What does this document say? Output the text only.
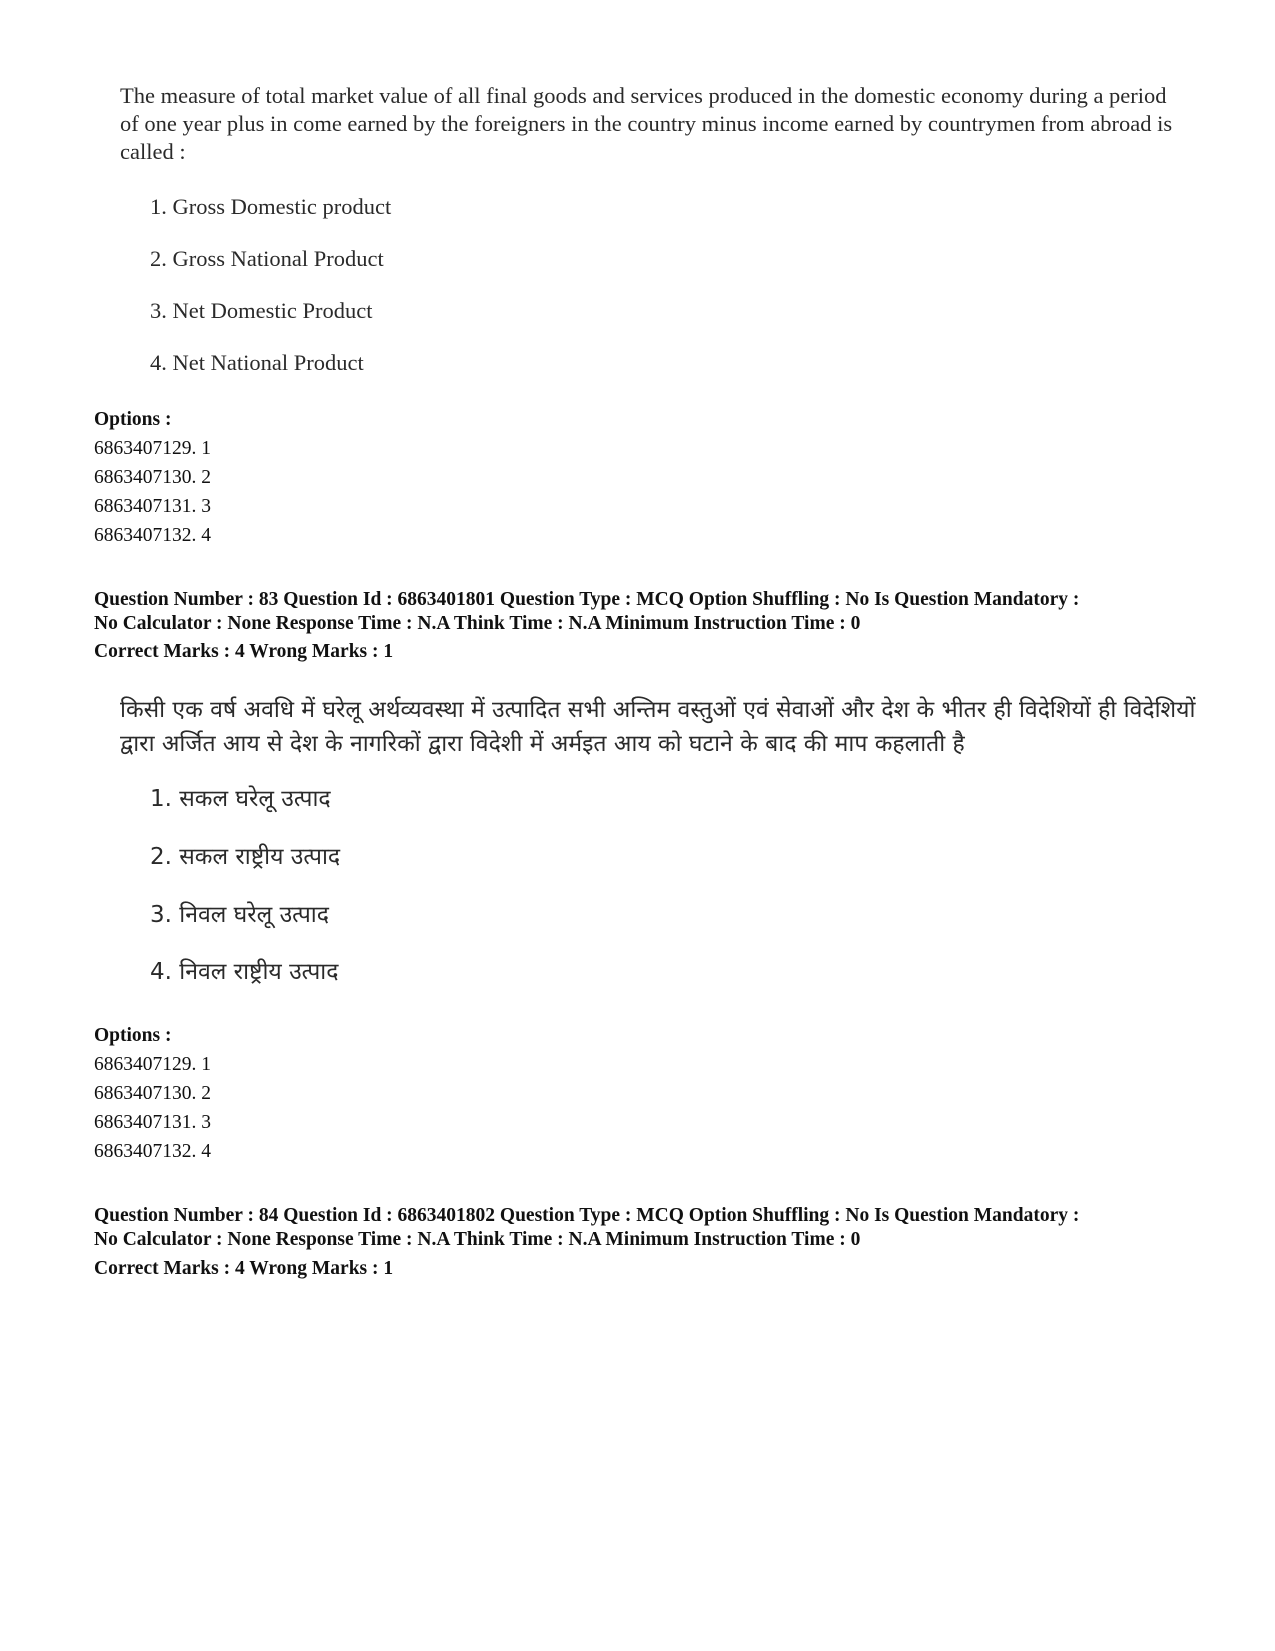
The measure of total market value of all final goods and services produced in the domestic economy during a period of one year plus in come earned by the foreigners in the country minus income earned by countrymen from abroad is called :
1. Gross Domestic product
2. Gross National Product
3. Net Domestic Product
4. Net National Product
Options :
6863407129. 1
6863407130. 2
6863407131. 3
6863407132. 4
Question Number : 83 Question Id : 6863401801 Question Type : MCQ Option Shuffling : No Is Question Mandatory :
No Calculator : None Response Time : N.A Think Time : N.A Minimum Instruction Time : 0
Correct Marks : 4 Wrong Marks : 1
किसी एक वर्ष अवधि में घरेलू अर्थव्यवस्था में उत्पादित सभी अन्तिम वस्तुओं एवं सेवाओं और देश के भीतर ही विदेशियों ही विदेशियों द्वारा अर्जित आय से देश के नागरिकों द्वारा विदेशी में अर्मइत आय को घटाने के बाद की माप कहलाती है
1. सकल घरेलू उत्पाद
2. सकल राष्ट्रीय उत्पाद
3. निवल घरेलू उत्पाद
4. निवल राष्ट्रीय उत्पाद
Options :
6863407129. 1
6863407130. 2
6863407131. 3
6863407132. 4
Question Number : 84 Question Id : 6863401802 Question Type : MCQ Option Shuffling : No Is Question Mandatory :
No Calculator : None Response Time : N.A Think Time : N.A Minimum Instruction Time : 0
Correct Marks : 4 Wrong Marks : 1
